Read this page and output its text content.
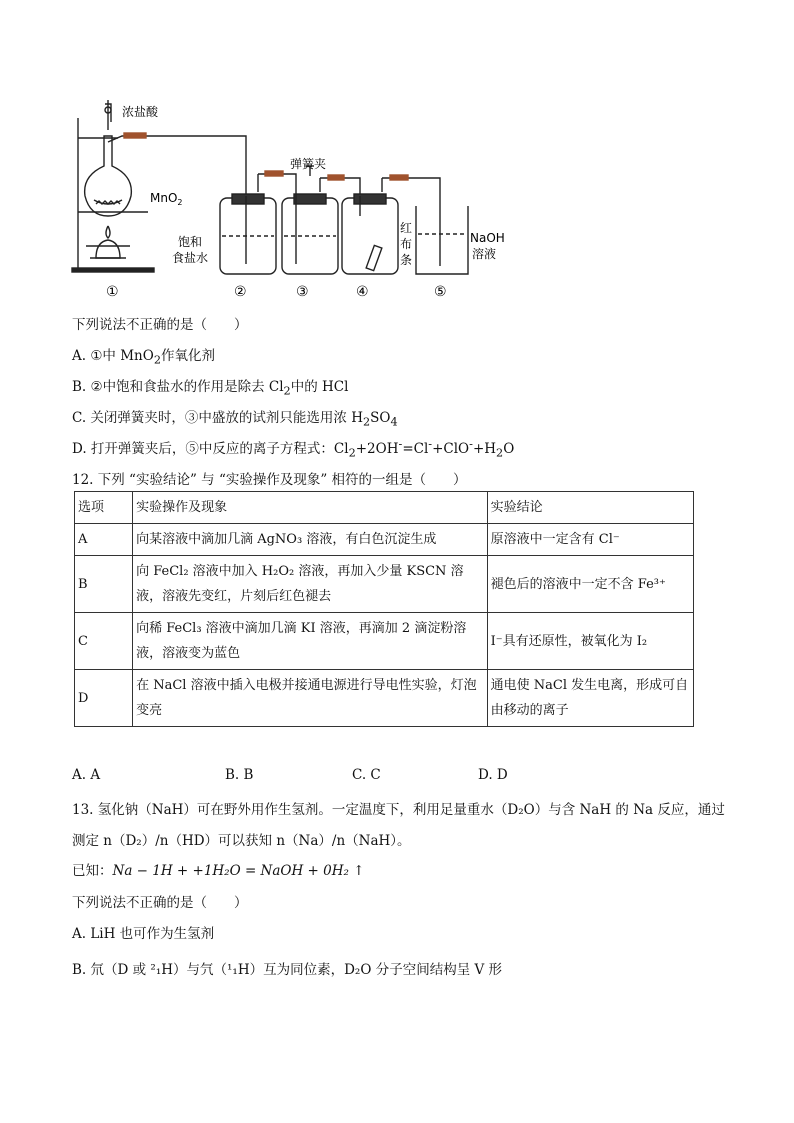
浓盐酸
MnO$_2$
弹簧夹
饱和
食盐水
红
布
条
NaOH
溶液
①	②	③	④	⑤
下列说法不正确的是（　　）
A. ①中 MnO$_2$作氧化剂
B. ②中饱和食盐水的作用是除去 $Cl_2$中的 HCl
C. 关闭弹簧夹时，③中盛放的试剂只能选用浓 $H_2SO_4$
D. 打开弹簧夹后，⑤中反应的离子方程式：$Cl_2+2OH^-=Cl^-+ClO^-+H_2O$
12. 下列 “实验结论” 与 “实验操作及现象” 相符的一组是（　　）
选项	实验操作及现象	实验结论
A	向某溶液中滴加几滴 AgNO₃ 溶液，有白色沉淀生成	原溶液中一定含有 Cl⁻
B	向 FeCl₂ 溶液中加入 H₂O₂ 溶液，再加入少量 KSCN 溶液，溶液先变红，片刻后红色褪去	褪色后的溶液中一定不含 Fe³⁺
C	向稀 FeCl₃ 溶液中滴加几滴 KI 溶液，再滴加 2 滴淀粉溶液，溶液变为蓝色	I⁻具有还原性，被氧化为 I₂
D	在 NaCl 溶液中插入电极并接通电源进行导电性实验，灯泡变亮	通电使 NaCl 发生电离，形成可自由移动的离子
A. A	B. B	C. C	D. D
13. 氢化钠（NaH）可在野外用作生氢剂。一定温度下，利用足量重水（D₂O）与含 NaH 的 Na 反应，通过
测定 n（D₂）/n（HD）可以获知 n（Na）/n（NaH）。
已知：Na − 1H + +1H₂O = NaOH + 0H₂ ↑
下列说法不正确的是（　　）
A. LiH 也可作为生氢剂
B. 氘（D 或 ²₁H）与氕（¹₁H）互为同位素，D₂O 分子空间结构呈 V 形
